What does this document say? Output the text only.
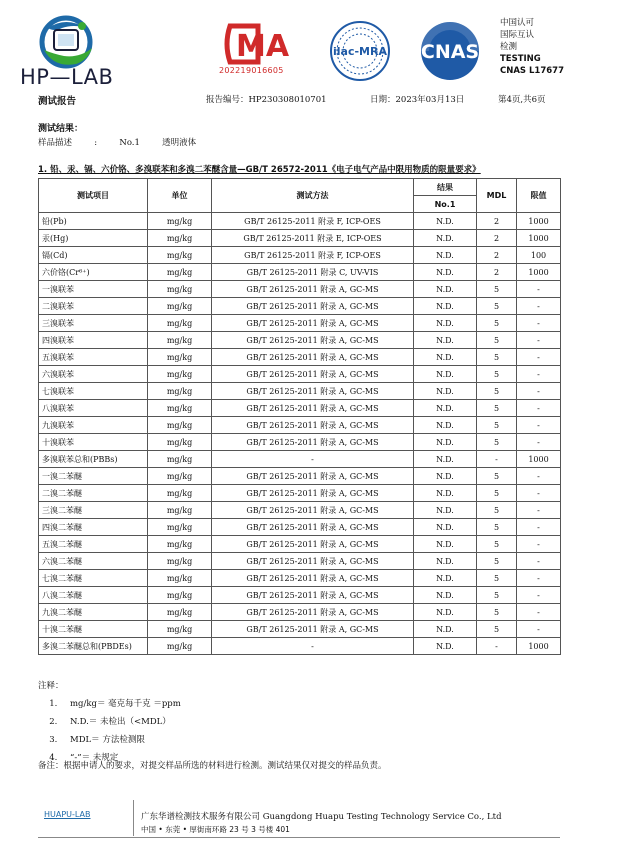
HP—LAB
测试报告
MA
202219016605
ilac-MRA CNAS
中国认可
国际互认
检测
TESTING
CNAS L17677
报告编号：HP230308010701	日期：2023年03月13日	第4页,共6页
测试结果：
样品描述	:	No.1	透明液体
1. 铅、汞、镉、六价铬、多溴联苯和多溴二苯醚含量—GB/T 26572-2011《电子电气产品中限用物质的限量要求》
测试项目	单位	测试方法	结果	MDL	限值
			No.1		
铅(Pb)	mg/kg	GB/T 26125-2011 附录 F, ICP-OES	N.D.	2	1000
汞(Hg)	mg/kg	GB/T 26125-2011 附录 E, ICP-OES	N.D.	2	1000
镉(Cd)	mg/kg	GB/T 26125-2011 附录 F, ICP-OES	N.D.	2	100
六价铬(Cr⁶⁺)	mg/kg	GB/T 26125-2011 附录 C, UV-VIS	N.D.	2	1000
一溴联苯	mg/kg	GB/T 26125-2011 附录 A, GC-MS	N.D.	5	-
二溴联苯	mg/kg	GB/T 26125-2011 附录 A, GC-MS	N.D.	5	-
三溴联苯	mg/kg	GB/T 26125-2011 附录 A, GC-MS	N.D.	5	-
四溴联苯	mg/kg	GB/T 26125-2011 附录 A, GC-MS	N.D.	5	-
五溴联苯	mg/kg	GB/T 26125-2011 附录 A, GC-MS	N.D.	5	-
六溴联苯	mg/kg	GB/T 26125-2011 附录 A, GC-MS	N.D.	5	-
七溴联苯	mg/kg	GB/T 26125-2011 附录 A, GC-MS	N.D.	5	-
八溴联苯	mg/kg	GB/T 26125-2011 附录 A, GC-MS	N.D.	5	-
九溴联苯	mg/kg	GB/T 26125-2011 附录 A, GC-MS	N.D.	5	-
十溴联苯	mg/kg	GB/T 26125-2011 附录 A, GC-MS	N.D.	5	-
多溴联苯总和(PBBs)	mg/kg	-	N.D.	-	1000
一溴二苯醚	mg/kg	GB/T 26125-2011 附录 A, GC-MS	N.D.	5	-
二溴二苯醚	mg/kg	GB/T 26125-2011 附录 A, GC-MS	N.D.	5	-
三溴二苯醚	mg/kg	GB/T 26125-2011 附录 A, GC-MS	N.D.	5	-
四溴二苯醚	mg/kg	GB/T 26125-2011 附录 A, GC-MS	N.D.	5	-
五溴二苯醚	mg/kg	GB/T 26125-2011 附录 A, GC-MS	N.D.	5	-
六溴二苯醚	mg/kg	GB/T 26125-2011 附录 A, GC-MS	N.D.	5	-
七溴二苯醚	mg/kg	GB/T 26125-2011 附录 A, GC-MS	N.D.	5	-
八溴二苯醚	mg/kg	GB/T 26125-2011 附录 A, GC-MS	N.D.	5	-
九溴二苯醚	mg/kg	GB/T 26125-2011 附录 A, GC-MS	N.D.	5	-
十溴二苯醚	mg/kg	GB/T 26125-2011 附录 A, GC-MS	N.D.	5	-
多溴二苯醚总和(PBDEs)	mg/kg	-	N.D.	-	1000
注释：
1. mg/kg＝ 毫克每千克 ＝ppm
2. N.D.＝ 未检出（<MDL）
3. MDL＝ 方法检测限
4. “-”＝ 未规定
备注：根据申请人的要求，对提交样品所选的材料进行检测。测试结果仅对提交的样品负责。
HUAPU-LAB	广东华谱检测技术服务有限公司 Guangdong Huapu Testing Technology Service Co., Ltd
中国 • 东莞 • 厚街南环路 23 号 3 号楼 401
